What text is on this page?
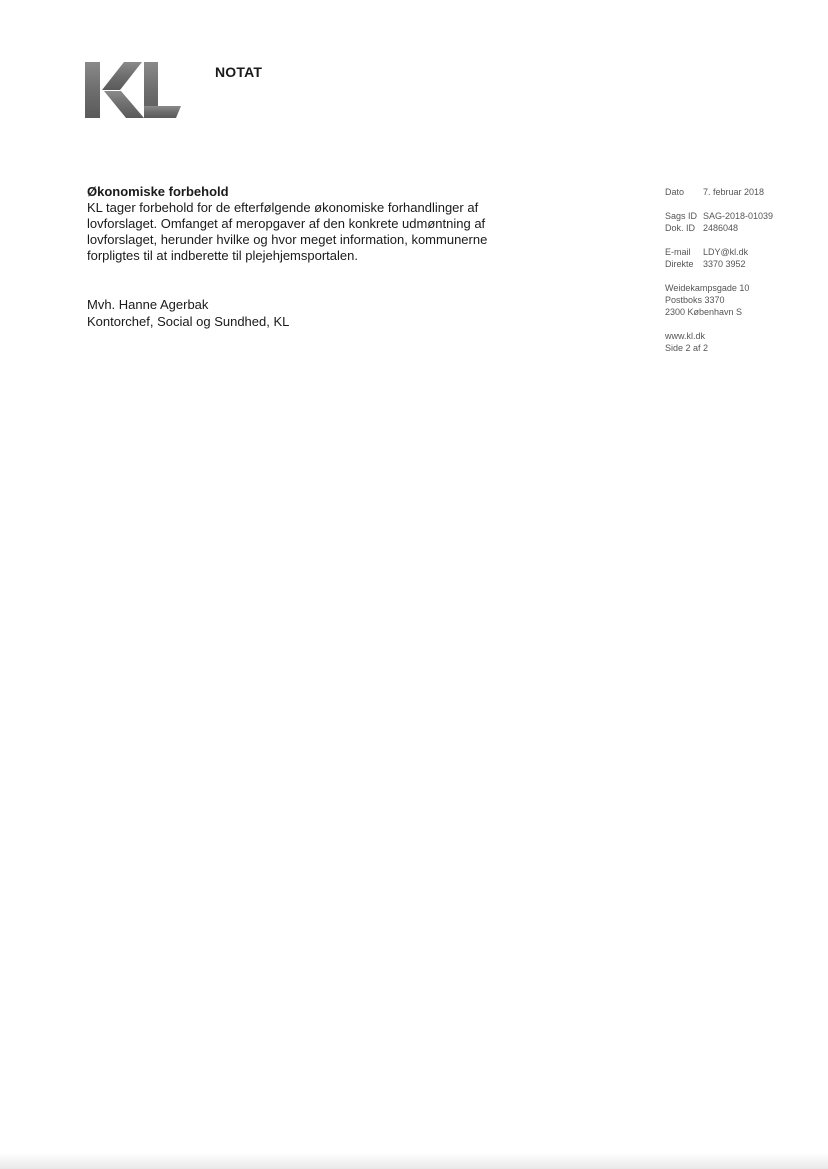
NOTAT

Økonomiske forbehold

KL tager forbehold for de efterfølgende økonomiske forhandlinger af
lovforslaget. Omfanget af meropgaver af den konkrete udmøntning af
lovforslaget, herunder hvilke og hvor meget information, kommunerne
forpligtes til at indberette til plejehjemsportalen.

Mvh. Hanne Agerbak
Kontorchef, Social og Sundhed, KL
Dato	7. februar 2018
Sags ID SAG-2018-01039
Dok. ID 2486048
E-mail	LDY@kl.dk
Direkte	3370 3952
Weidekampsgade 10
Postboks 3370
2300 København S
www.kl.dk
Side 2 af 2
